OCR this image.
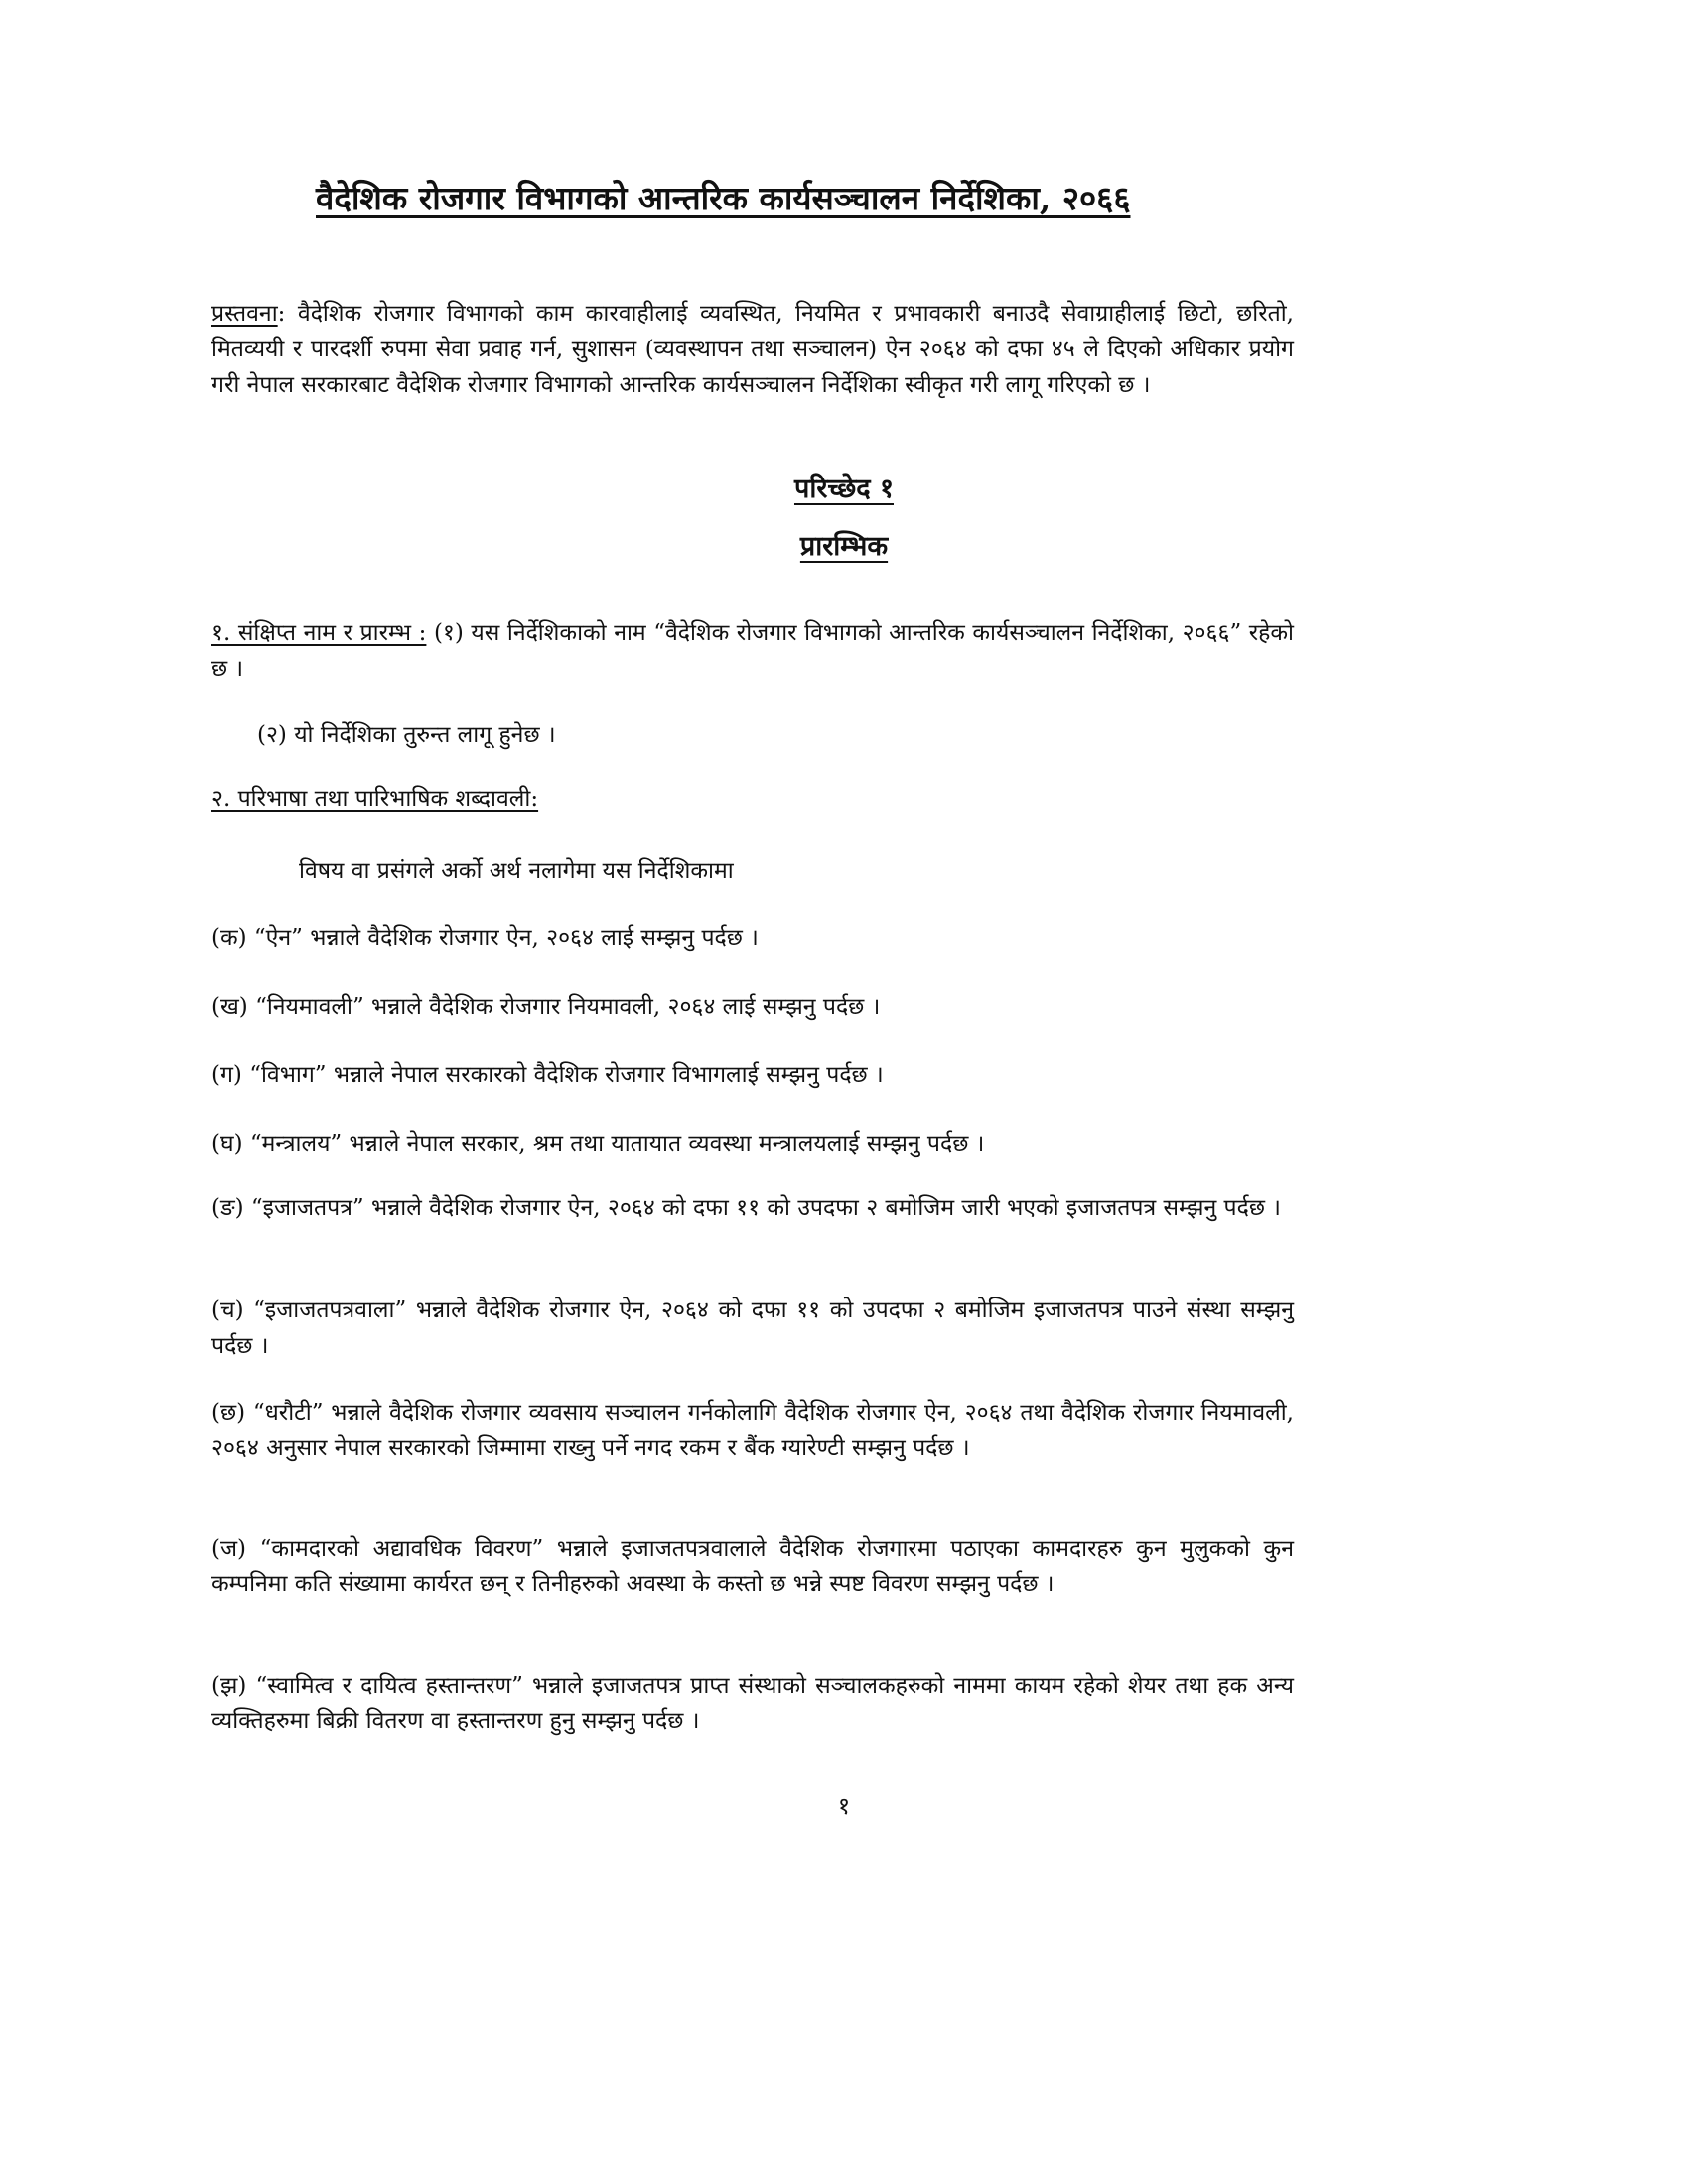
वैदेशिक रोजगार विभागको आन्तरिक कार्यसञ्चालन निर्देशिका, २०६६
प्रस्तवना: वैदेशिक रोजगार विभागको काम कारवाहीलाई व्यवस्थित, नियमित र प्रभावकारी बनाउदै सेवाग्राहीलाई छिटो, छरितो, मितव्ययी र पारदर्शी रुपमा सेवा प्रवाह गर्न, सुशासन (व्यवस्थापन तथा सञ्चालन) ऐन २०६४ को दफा ४५ ले दिएको अधिकार प्रयोग गरी नेपाल सरकारबाट वैदेशिक रोजगार विभागको आन्तरिक कार्यसञ्चालन निर्देशिका स्वीकृत गरी लागू गरिएको छ ।
परिच्छेद १
प्रारम्भिक
१. संक्षिप्त नाम र प्रारम्भ : (१) यस निर्देशिकाको नाम “वैदेशिक रोजगार विभागको आन्तरिक कार्यसञ्चालन निर्देशिका, २०६६” रहेको छ ।
(२) यो निर्देशिका तुरुन्त लागू हुनेछ ।
२. परिभाषा तथा पारिभाषिक शब्दावली:
विषय वा प्रसंगले अर्को अर्थ नलागेमा यस निर्देशिकामा
(क) “ऐन” भन्नाले वैदेशिक रोजगार ऐन, २०६४ लाई सम्झनु पर्दछ ।
(ख) “नियमावली” भन्नाले वैदेशिक रोजगार नियमावली, २०६४ लाई सम्झनु पर्दछ ।
(ग) “विभाग” भन्नाले नेपाल सरकारको वैदेशिक रोजगार विभागलाई सम्झनु पर्दछ ।
(घ) “मन्त्रालय” भन्नाले नेपाल सरकार, श्रम तथा यातायात व्यवस्था मन्त्रालयलाई सम्झनु पर्दछ ।
(ङ) “इजाजतपत्र” भन्नाले वैदेशिक रोजगार ऐन, २०६४ को दफा ११ को उपदफा २ बमोजिम जारी भएको इजाजतपत्र सम्झनु पर्दछ ।
(च) “इजाजतपत्रवाला” भन्नाले वैदेशिक रोजगार ऐन, २०६४ को दफा ११ को उपदफा २ बमोजिम इजाजतपत्र पाउने संस्था सम्झनु पर्दछ ।
(छ) “धरौटी” भन्नाले वैदेशिक रोजगार व्यवसाय सञ्चालन गर्नकोलागि वैदेशिक रोजगार ऐन, २०६४ तथा वैदेशिक रोजगार नियमावली, २०६४ अनुसार नेपाल सरकारको जिम्मामा राख्नु पर्ने नगद रकम र बैंक ग्यारेण्टी सम्झनु पर्दछ ।
(ज) “कामदारको अद्यावधिक विवरण” भन्नाले इजाजतपत्रवालाले वैदेशिक रोजगारमा पठाएका कामदारहरु कुन मुलुकको कुन कम्पनिमा कति संख्यामा कार्यरत छन् र तिनीहरुको अवस्था के कस्तो छ भन्ने स्पष्ट विवरण सम्झनु पर्दछ ।
(झ) “स्वामित्व र दायित्व हस्तान्तरण” भन्नाले इजाजतपत्र प्राप्त संस्थाको सञ्चालकहरुको नाममा कायम रहेको शेयर तथा हक अन्य व्यक्तिहरुमा बिक्री वितरण वा हस्तान्तरण हुनु सम्झनु पर्दछ ।
१
